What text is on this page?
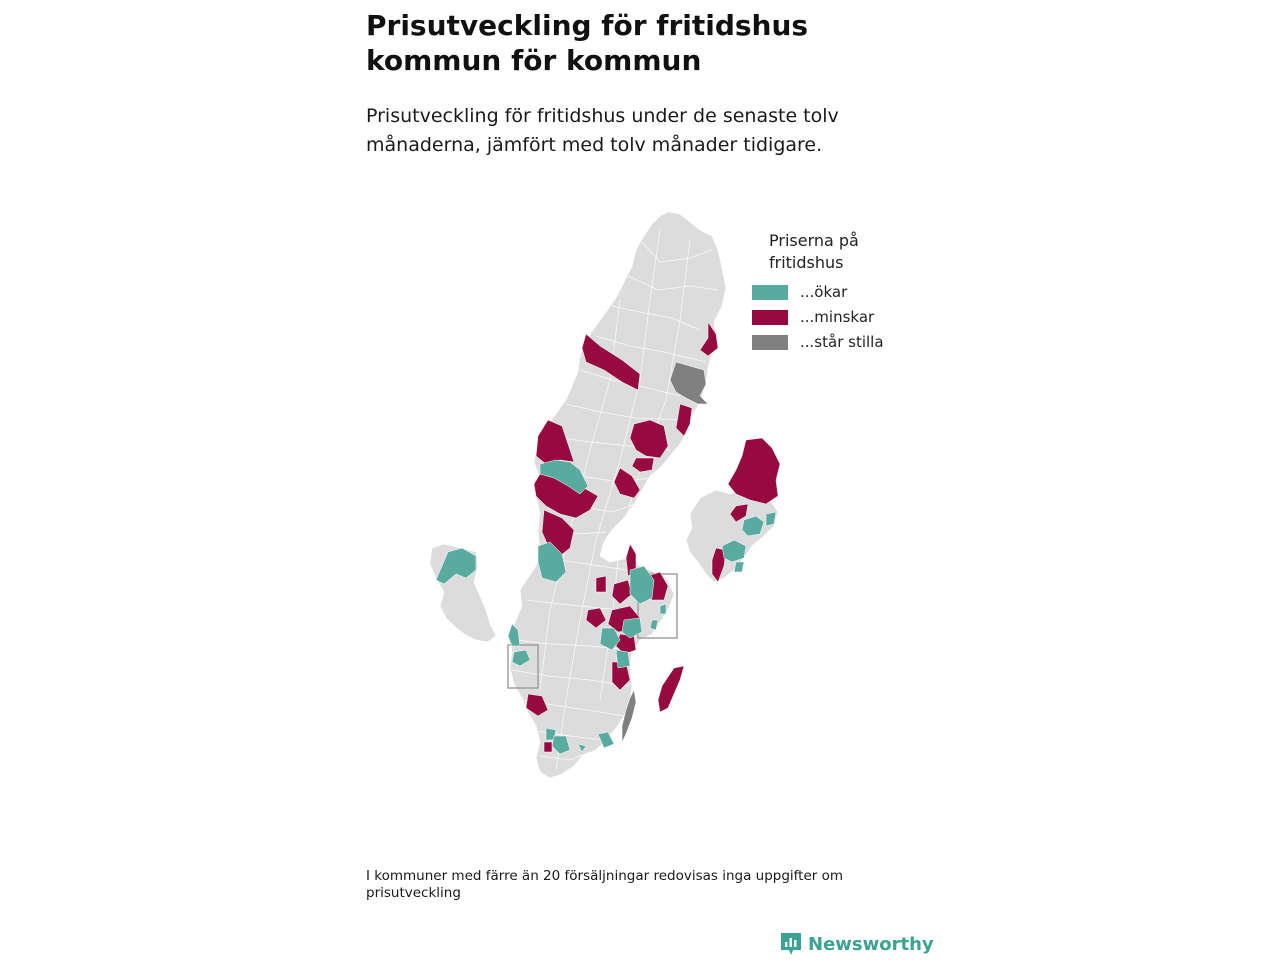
Prisutveckling för fritidshus kommun för kommun

Prisutveckling för fritidshus under de senaste tolv månaderna, jämfört med tolv månader tidigare.

Priserna på fritidshus
...ökar
...minskar
...står stilla

I kommuner med färre än 20 försäljningar redovisas inga uppgifter om prisutveckling

Newsworthy
